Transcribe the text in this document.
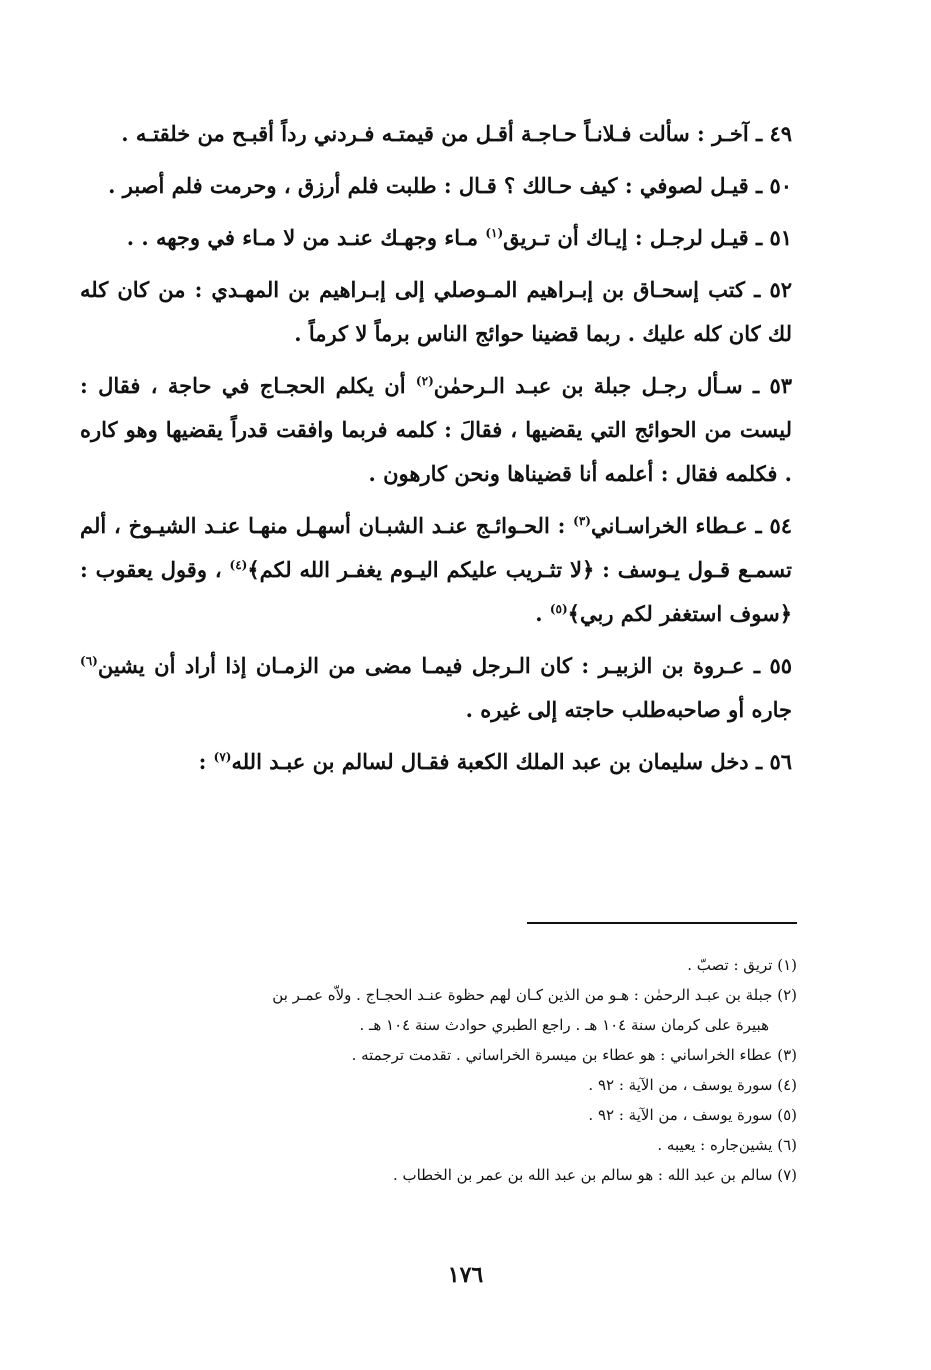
٤٩ ـ آخـر : سألت فـلانـاً حـاجـة أقـل من قيمتـه فـردني رداً أقبـح من خلقتـه .

٥٠ ـ قيـل لصوفي : كيف حـالك ؟ قـال : طلبت فلم أرزق ، وحرمت فلم أصبر .

٥١ ـ قيـل لرجـل : إيـاك أن تـريق$^{(١)}$ مـاء وجهـك عنـد من لا مـاء في وجهه . .

٥٢ ـ كتب إسحـاق بن إبـراهيم المـوصلي إلى إبـراهيم بن المهـدي : من كان كله لك كان كله عليك . ربما قضينا حوائج الناس برماً لا كرماً .

٥٣ ـ سـأل رجـل جبلة بن عبـد الـرحمٰن$^{(٢)}$ أن يكلم الحجـاج في حاجة ، فقال : ليست من الحوائج التي يقضيها ، فقالَ : كلمه فربما وافقت قدراً يقضيها وهو كاره . فكلمه فقال : أعلمه أنا قضيناها ونحن كارهون .

٥٤ ـ عـطاء الخراسـاني$^{(٣)}$ : الحـوائـج عنـد الشبـان أسهـل منهـا عنـد الشيـوخ ، ألم تسمـع قـول يـوسف : ﴿لا تثـريب عليكم اليـوم يغفـر الله لكم﴾$^{(٤)}$ ، وقول يعقوب : ﴿سوف استغفر لكم ربي﴾$^{(٥)}$ .

٥٥ ـ عـروة بن الزبيـر : كان الـرجل فيمـا مضى من الزمـان إذا أراد أن يشين$^{(٦)}$ جاره أو صاحبه‌طلب حاجته إلى غيره .

٥٦ ـ دخل سليمان بن عبد الملك الكعبة فقـال لسالم بن عبـد الله$^{(٧)}$ :

(١) تريق : تصبّ .

(٢) جبلة بن عبـد الرحمٰن : هـو من الذين كـان لهم حظوة عنـد الحجـاج . ولاّه عمـر بن
هبيرة على كرمان سنة ١٠٤ هـ . راجع الطبري حوادث سنة ١٠٤ هـ .

(٣) عطاء الخراساني : هو عطاء بن ميسرة الخراساني . تقدمت ترجمته .

(٤) سورة يوسف ، من الآية : ٩٢ .

(٥) سورة يوسف ، من الآية : ٩٢ .

(٦) يشين‌جاره : يعيبه .

(٧) سالم بن عبد الله : هو سالم بن عبد الله بن عمر بن الخطاب .

١٧٦
